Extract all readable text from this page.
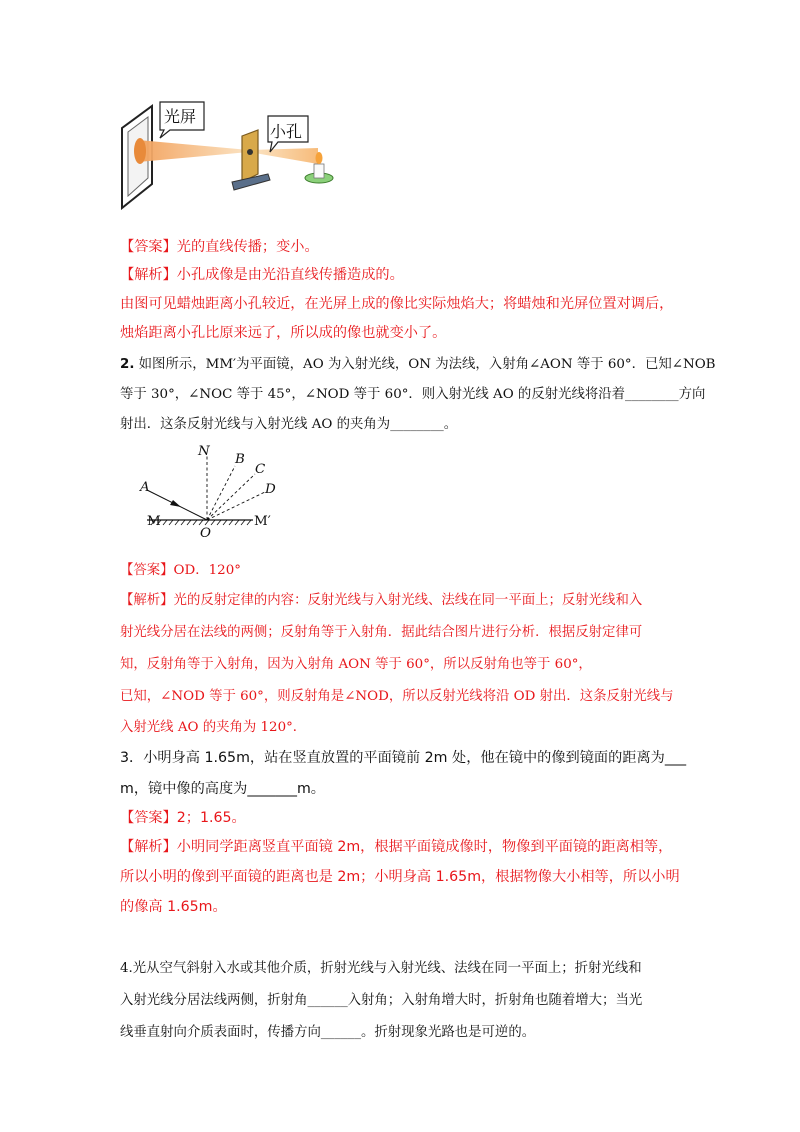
光屏
小孔
【答案】光的直线传播；变小。
【解析】小孔成像是由光沿直线传播造成的。
由图可见蜡烛距离小孔较近，在光屏上成的像比实际烛焰大；将蜡烛和光屏位置对调后，
烛焰距离小孔比原来远了，所以成的像也就变小了。
2. 如图所示，MM′为平面镜，AO 为入射光线，ON 为法线，入射角∠AON 等于 60°．已知∠NOB
等于 30°，∠NOC 等于 45°，∠NOD 等于 60°．则入射光线 AO 的反射光线将沿着________方向
射出．这条反射光线与入射光线 AO 的夹角为________。
N
B
C
D
A
M	M′
O
【答案】OD．120°
【解析】光的反射定律的内容：反射光线与入射光线、法线在同一平面上；反射光线和入
射光线分居在法线的两侧；反射角等于入射角．据此结合图片进行分析．根据反射定律可
知，反射角等于入射角，因为入射角 AON 等于 60°，所以反射角也等于 60°，
已知，∠NOD 等于 60°，则反射角是∠NOD，所以反射光线将沿 OD 射出．这条反射光线与
入射光线 AO 的夹角为 120°．
3．小明身高 1.65m，站在竖直放置的平面镜前 2m 处，他在镜中的像到镜面的距离为___
m，镜中像的高度为_______m。
【答案】2；1.65。
【解析】小明同学距离竖直平面镜 2m，根据平面镜成像时，物像到平面镜的距离相等，
所以小明的像到平面镜的距离也是 2m；小明身高 1.65m，根据物像大小相等，所以小明
的像高 1.65m。
4.光从空气斜射入水或其他介质，折射光线与入射光线、法线在同一平面上；折射光线和
入射光线分居法线两侧，折射角______入射角；入射角增大时，折射角也随着增大；当光
线垂直射向介质表面时，传播方向______。折射现象光路也是可逆的。
